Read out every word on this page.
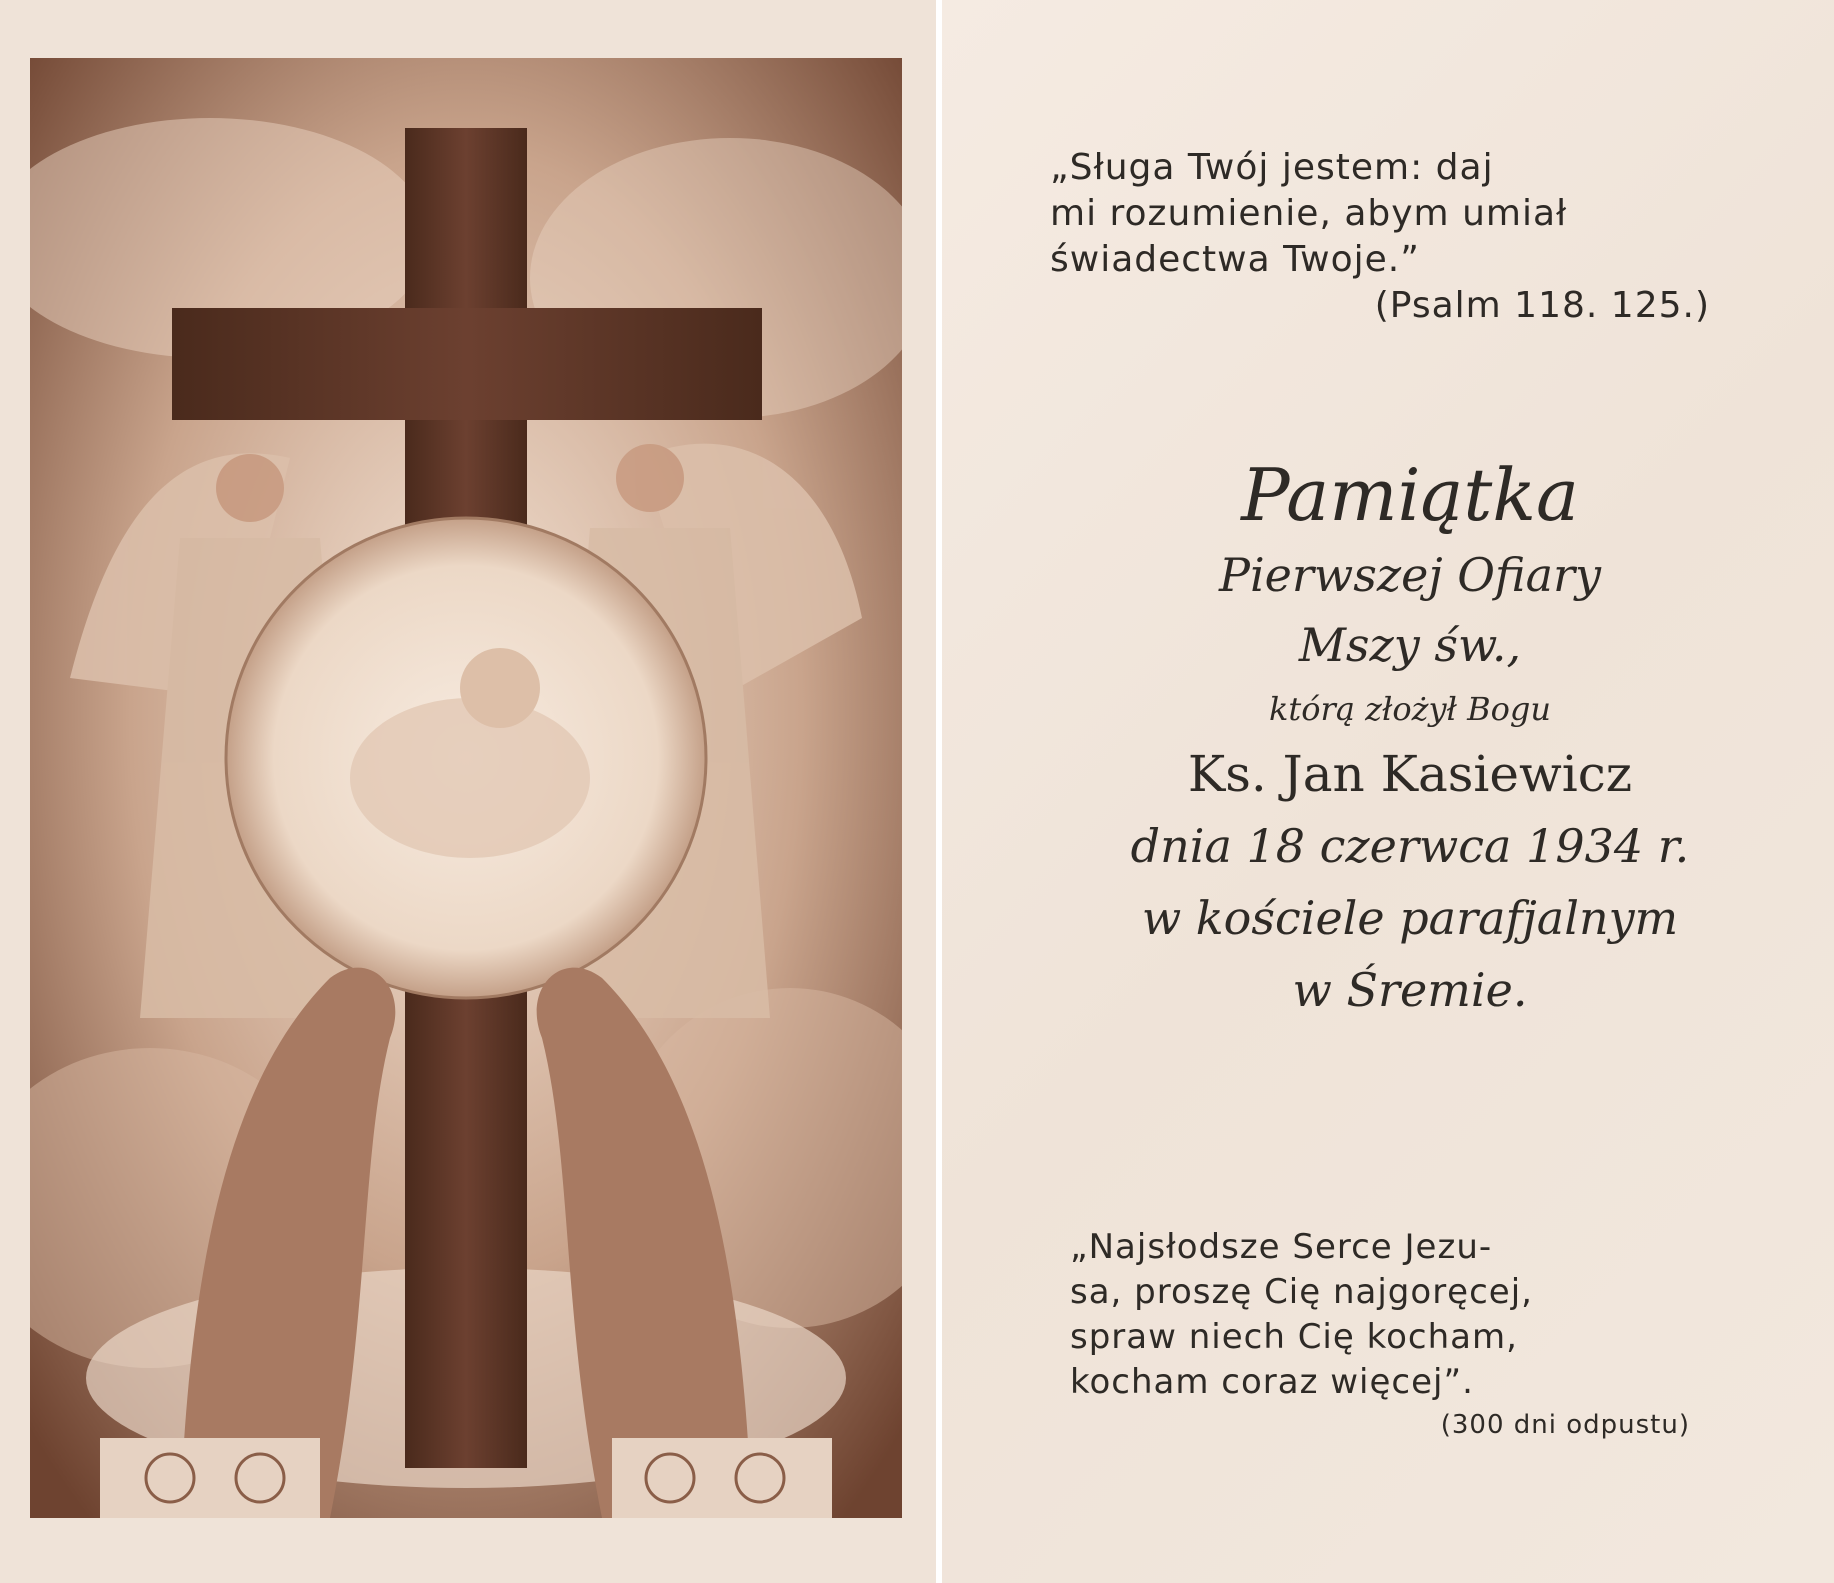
„Sługa Twój jestem: daj
mi rozumienie, abym umiał
świadectwa Twoje.”
(Psalm 118. 125.)
Pamiątka
Pierwszej Ofiary
Mszy św.,
którą złożył Bogu
Ks. Jan Kasiewicz
dnia 18 czerwca 1934 r.
w kościele parafjalnym
w Śremie.
„Najsłodsze Serce Jezu-
sa, proszę Cię najgoręcej,
spraw niech Cię kocham,
kocham coraz więcej”.
(300 dni odpustu)
